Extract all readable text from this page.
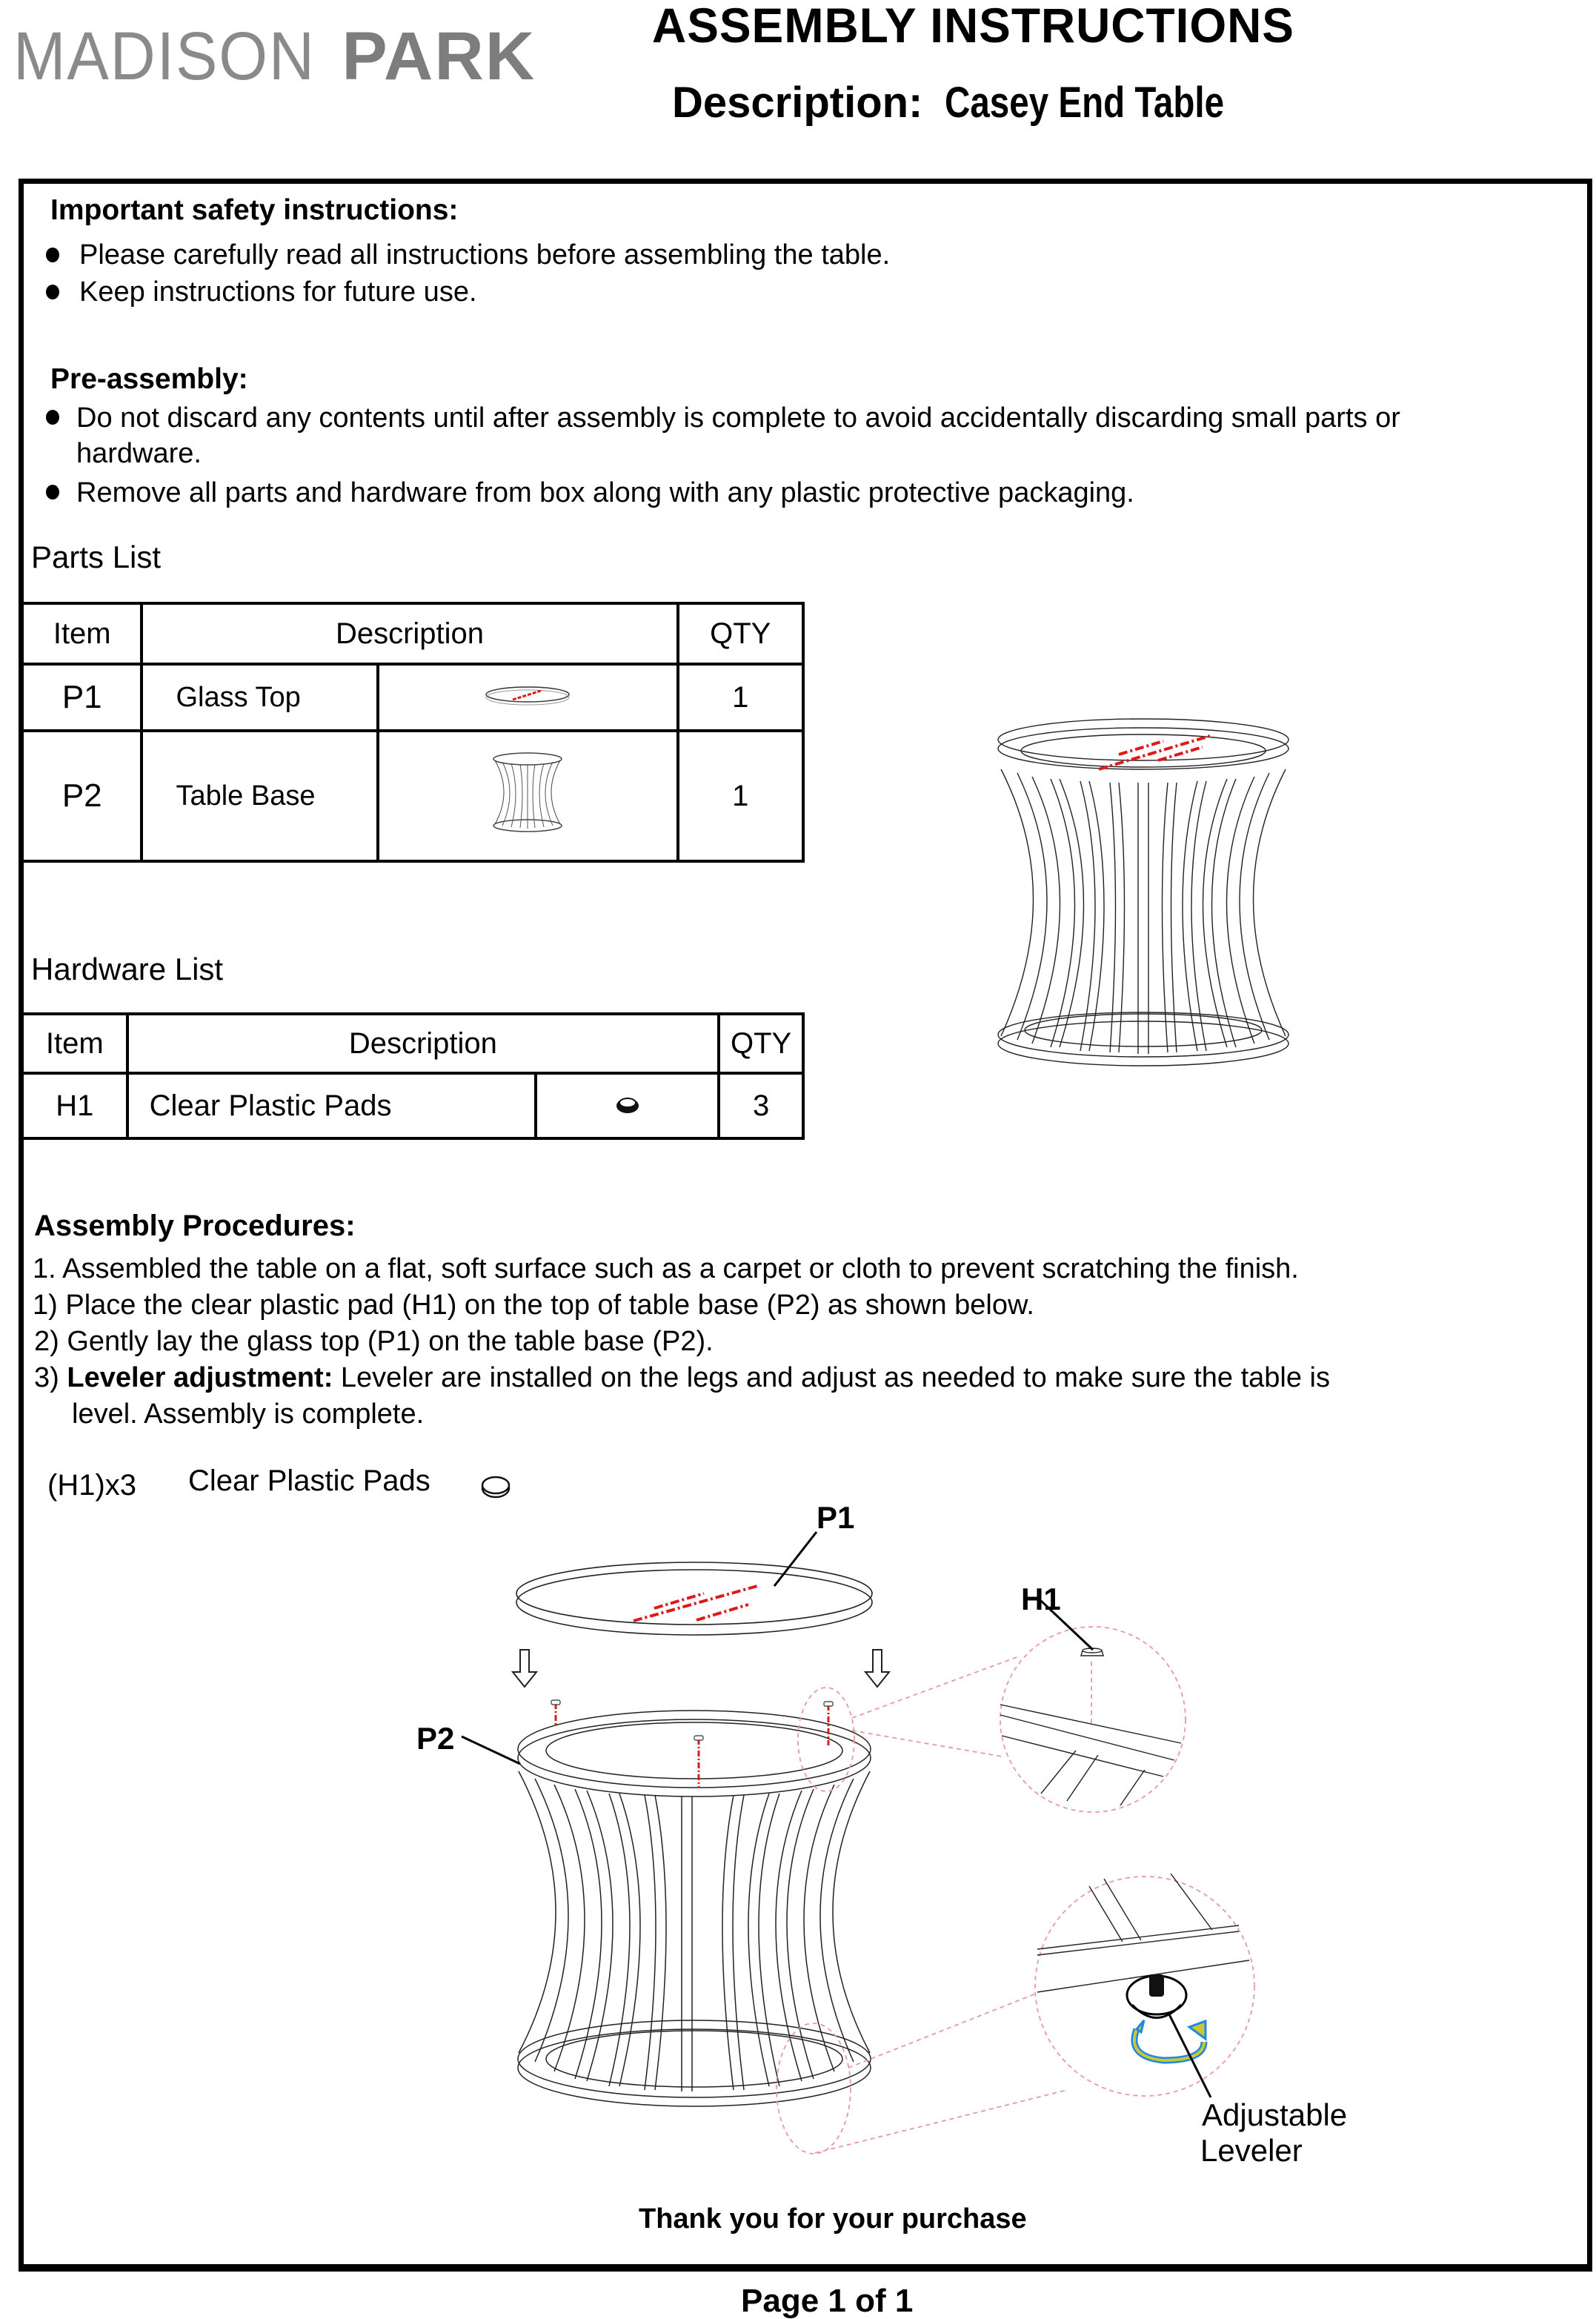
MADISON PARK ASSEMBLY INSTRUCTIONS
Description: Casey End Table
Important safety instructions:
Please carefully read all instructions before assembling the table.
Keep instructions for future use.
Pre-assembly:
Do not discard any contents until after assembly is complete to avoid accidentally discarding small parts or
hardware.
Remove all parts and hardware from box along with any plastic protective packaging.
Parts List
Item	Description		QTY
P1	Glass Top		1
P2	Table Base		1
Hardware List
Item	Description		QTY
H1	Clear Plastic Pads		3
Assembly Procedures:
1. Assembled the table on a flat, soft surface such as a carpet or cloth to prevent scratching the finish.
1) Place the clear plastic pad (H1) on the top of table base (P2) as shown below.
2) Gently lay the glass top (P1) on the table base (P2).
3) Leveler adjustment: Leveler are installed on the legs and adjust as needed to make sure the table is
level. Assembly is complete.
(H1)x3 Clear Plastic Pads
P1
H1
P2
Adjustable
Leveler
Thank you for your purchase
Page 1 of 1
